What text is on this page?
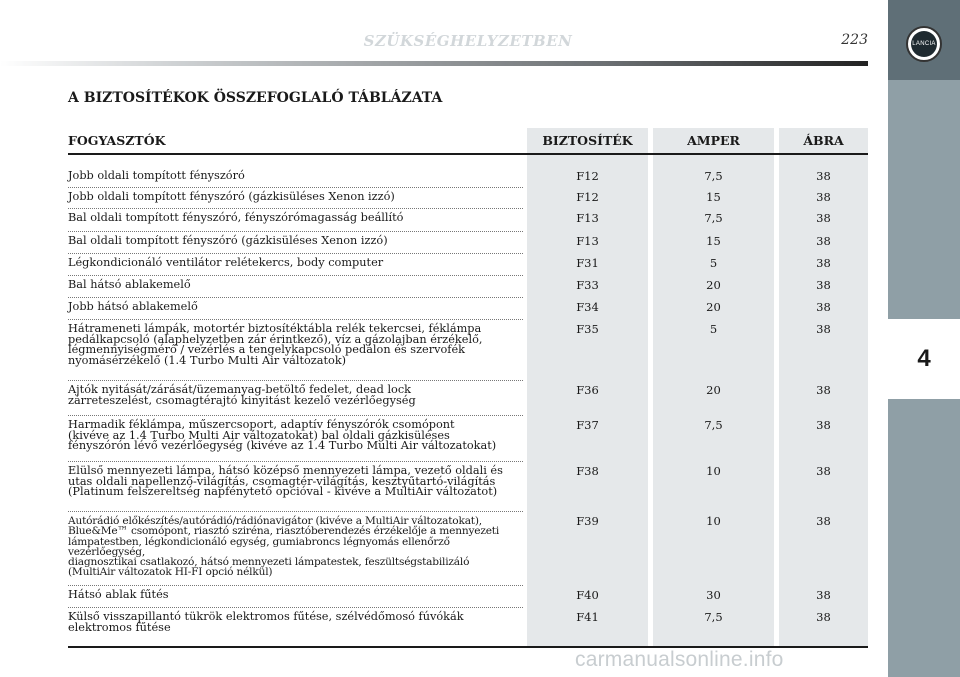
LANCIA
4
SZÜKSÉGHELYZETBEN	223
A BIZTOSÍTÉKOK ÖSSZEFOGLALÓ TÁBLÁZATA
FOGYASZTÓK	BIZTOSÍTÉK	AMPER	ÁBRA
Jobb oldali tompított fényszóró	F12	7,5	38
Jobb oldali tompított fényszóró (gázkisüléses Xenon izzó)	F12	15	38
Bal oldali tompított fényszóró, fényszórómagasság beállító	F13	7,5	38
Bal oldali tompított fényszóró (gázkisüléses Xenon izzó)	F13	15	38
Légkondicionáló ventilátor relétekercs, body computer	F31	5	38
Bal hátsó ablakemelő	F33	20	38
Jobb hátsó ablakemelő	F34	20	38
Hátrameneti lámpák, motortér biztosítéktábla relék tekercsei, féklámpa
pedálkapcsoló (alaphelyzetben zár érintkező), víz a gázolajban érzékelő,
légmennyiségmérő / vezérlés a tengelykapcsoló pedálon és szervofék
nyomásérzékelő (1.4 Turbo Multi Air változatok)
F35	5	38
Ajtók nyitását/zárását/üzemanyag-betöltő fedelet, dead lock
zárreteszelést, csomagtérajtó kinyitást kezelő vezérlőegység
F36	20	38
Harmadik féklámpa, műszercsoport, adaptív fényszórók csomópont
(kivéve az 1.4 Turbo Multi Air változatokat) bal oldali gázkisüléses
fényszórón lévő vezérlőegység (kivéve az 1.4 Turbo Multi Air változatokat)
F37	7,5	38
Elülső mennyezeti lámpa, hátsó középső mennyezeti lámpa, vezető oldali és
utas oldali napellenző-világítás, csomagtér-világítás, kesztyűtartó-világítás
(Platinum felszereltség napfénytető opcióval - kivéve a MultiAir változatot)
F38	10	38
Autórádió előkészítés/autórádió/rádiónavigátor (kivéve a MultiAir változatokat),
Blue&Me™ csomópont, riasztó sziréna, riasztóberendezés érzékelője a mennyezeti
lámpatestben, légkondicionáló egység, gumiabroncs légnyomás ellenőrző vezérlőegység,
diagnosztikai csatlakozó, hátsó mennyezeti lámpatestek, feszültségstabilizáló
(MultiAir változatok HI-FI opció nélkül)
F39	10	38
Hátsó ablak fűtés	F40	30	38
Külső visszapillantó tükrök elektromos fűtése, szélvédőmosó fúvókák
elektromos fűtése
F41	7,5	38
carmanualsonline.info
